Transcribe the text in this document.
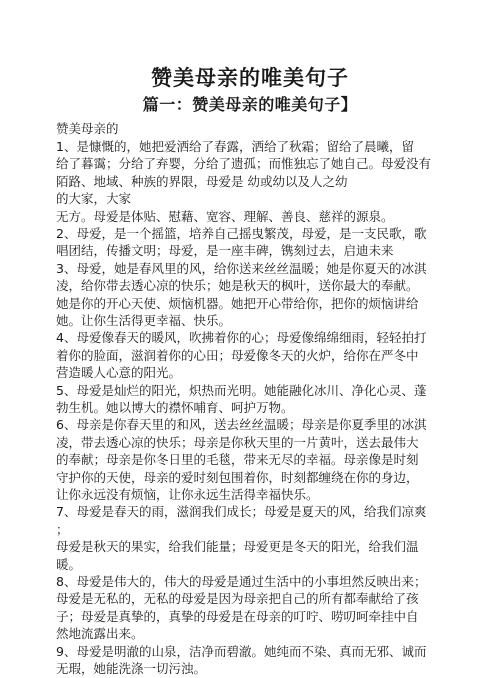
赞美母亲的唯美句子
篇一：赞美母亲的唯美句子】
赞美母亲的
1、是慷慨的，她把爱洒给了春露，洒给了秋霜；留给了晨曦，留
给了暮霭；分给了弃婴，分给了遗孤；而惟独忘了她自己。母爱没有
陌路、地域、种族的界限，母爱是 幼或幼以及人之幼
的大家，大家
无方。母爱是体贴、慰藉、宽容、理解、善良、慈祥的源泉。
2、母爱，是一个摇篮，培养自己摇曳繁茂，母爱，是一支民歌，歌
唱团结，传播文明；母爱，是一座丰碑，镌刻过去，启迪未来
3、母爱，她是春风里的风，给你送来丝丝温暖；她是你夏天的冰淇
凌，给你带去透心凉的快乐；她是秋天的枫叶，送你最大的奉献。
她是你的开心天使、烦恼机器。她把开心带给你，把你的烦恼讲给
她。让你生活得更幸福、快乐。
4、母爱像春天的暖风，吹拂着你的心；母爱像绵绵细雨，轻轻拍打
着你的脸面，滋润着你的心田；母爱像冬天的火炉，给你在严冬中
营造暖人心意的阳光。
5、母爱是灿烂的阳光，炽热而光明。她能融化冰川、净化心灵、蓬
勃生机。她以博大的襟怀哺育、呵护万物。
6、母亲是你春天里的和风，送去丝丝温暖；母亲是你夏季里的冰淇
凌，带去透心凉的快乐；母亲是你秋天里的一片黄叶，送去最伟大
的奉献；母亲是你冬日里的毛毯，带来无尽的幸福。母亲像是时刻
守护你的天使，母亲的爱时刻包围着你，时刻都缠绕在你的身边，
让你永远没有烦恼，让你永远生活得幸福快乐。
7、母爱是春天的雨，滋润我们成长；母爱是夏天的风，给我们凉爽
；
母爱是秋天的果实，给我们能量；母爱更是冬天的阳光，给我们温
暖。
8、母爱是伟大的，伟大的母爱是通过生活中的小事坦然反映出来；
母爱是无私的，无私的母爱是因为母亲把自己的所有都奉献给了孩
子；母爱是真挚的，真挚的母爱是在母亲的叮咛、唠叨呵牵挂中自
然地流露出来。
9、母爱是明澈的山泉，洁净而碧澈。她纯而不染、真而无邪、诚而
无瑕，她能洗涤一切污浊。
